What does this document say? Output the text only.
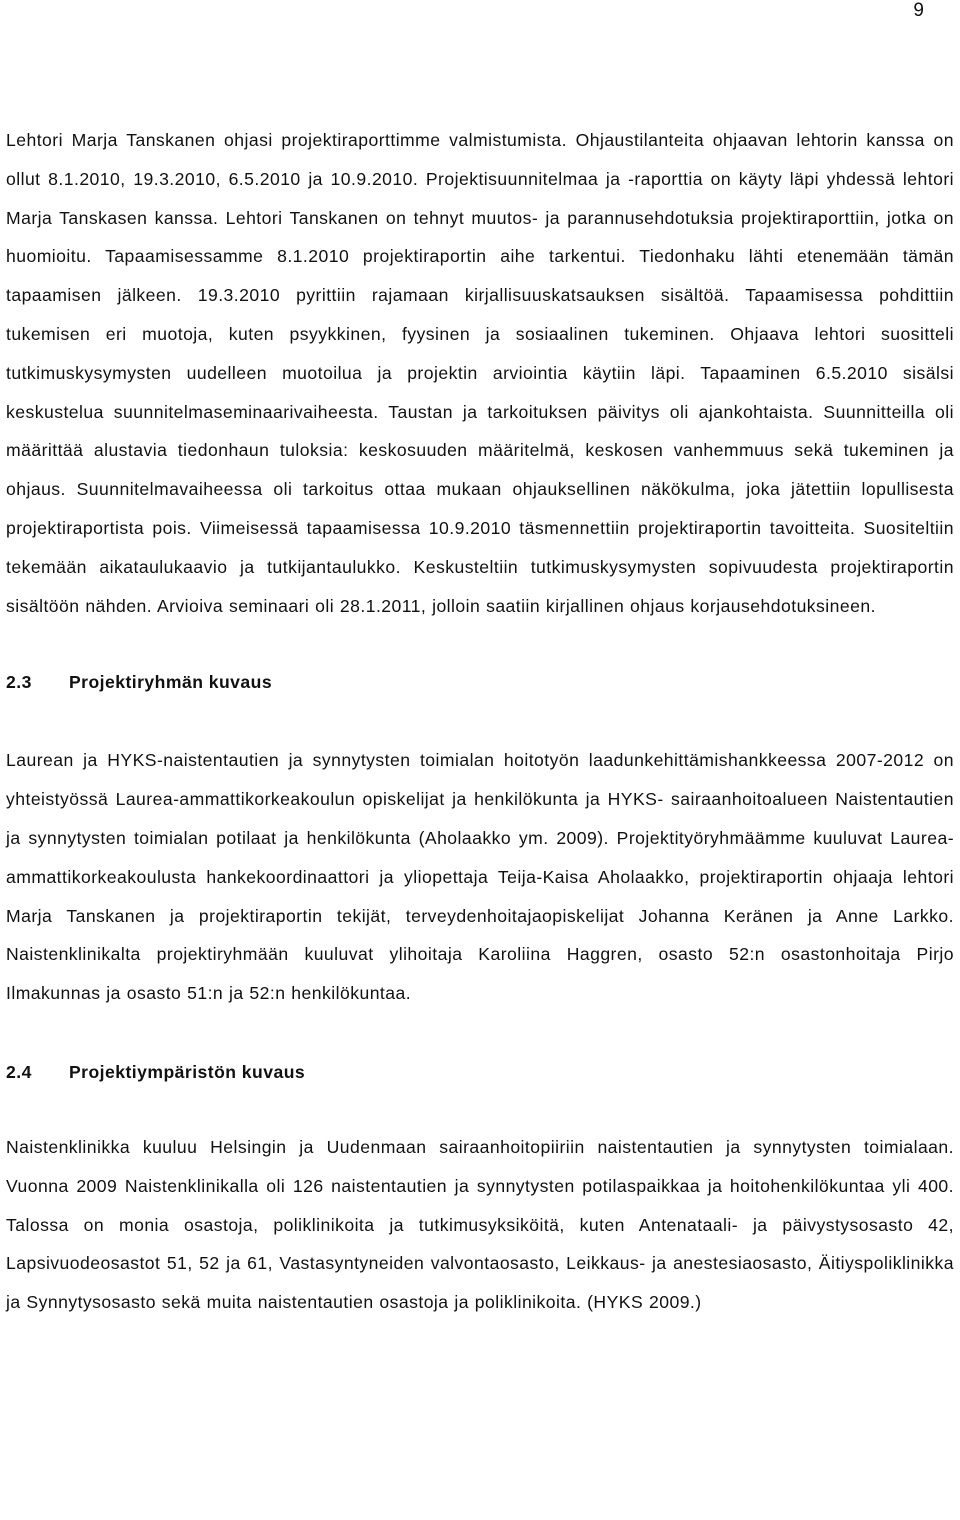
9

Lehtori Marja Tanskanen ohjasi projektiraporttimme valmistumista. Ohjaustilanteita ohjaavan lehtorin kanssa on ollut 8.1.2010, 19.3.2010, 6.5.2010 ja 10.9.2010. Projektisuunnitelmaa ja -raporttia on käyty läpi yhdessä lehtori Marja Tanskasen kanssa. Lehtori Tanskanen on tehnyt muutos- ja parannusehdotuksia projektiraporttiin, jotka on huomioitu. Tapaamisessamme 8.1.2010 projektiraportin aihe tarkentui. Tiedonhaku lähti etenemään tämän tapaamisen jälkeen. 19.3.2010 pyrittiin rajamaan kirjallisuuskatsauksen sisältöä. Tapaamisessa pohdittiin tukemisen eri muotoja, kuten psyykkinen, fyysinen ja sosiaalinen tukeminen. Ohjaava lehtori suositteli tutkimuskysymysten uudelleen muotoilua ja projektin arviointia käytiin läpi. Tapaaminen 6.5.2010 sisälsi keskustelua suunnitelmaseminaarivaiheesta. Taustan ja tarkoituksen päivitys oli ajankohtaista. Suunnitteilla oli määrittää alustavia tiedonhaun tuloksia: keskosuuden määritelmä, keskosen vanhemmuus sekä tukeminen ja ohjaus. Suunnitelmavaiheessa oli tarkoitus ottaa mukaan ohjauksellinen näkökulma, joka jätettiin lopullisesta projektiraportista pois. Viimeisessä tapaamisessa 10.9.2010 täsmennettiin projektiraportin tavoitteita. Suositeltiin tekemään aikataulukaavio ja tutkijantaulukko. Keskusteltiin tutkimuskysymysten sopivuudesta projektiraportin sisältöön nähden. Arvioiva seminaari oli 28.1.2011, jolloin saatiin kirjallinen ohjaus korjausehdotuksineen.

2.3	Projektiryhmän kuvaus

Laurean ja HYKS-naistentautien ja synnytysten toimialan hoitotyön laadunkehittämishankkeessa 2007-2012 on yhteistyössä Laurea-ammattikorkeakoulun opiskelijat ja henkilökunta ja HYKS- sairaanhoitoalueen Naistentautien ja synnytysten toimialan potilaat ja henkilökunta (Aholaakko ym. 2009). Projektityöryhmäämme kuuluvat Laurea-ammattikorkeakoulusta hankekoordinaattori ja yliopettaja Teija-Kaisa Aholaakko, projektiraportin ohjaaja lehtori Marja Tanskanen ja projektiraportin tekijät, terveydenhoitajaopiskelijat Johanna Keränen ja Anne Larkko. Naistenklinikalta projektiryhmään kuuluvat ylihoitaja Karoliina Haggren, osasto 52:n osastonhoitaja Pirjo Ilmakunnas ja osasto 51:n ja 52:n henkilökuntaa.

2.4	Projektiympäristön kuvaus

Naistenklinikka kuuluu Helsingin ja Uudenmaan sairaanhoitopiiriin naistentautien ja synnytysten toimialaan. Vuonna 2009 Naistenklinikalla oli 126 naistentautien ja synnytysten potilaspaikkaa ja hoitohenkilökuntaa yli 400. Talossa on monia osastoja, poliklinikoita ja tutkimusyksiköitä, kuten Antenataali- ja päivystysosasto 42, Lapsivuodeosastot 51, 52 ja 61, Vastasyntyneiden valvontaosasto, Leikkaus- ja anestesiaosasto, Äitiyspoliklinikka ja Synnytysosasto sekä muita naistentautien osastoja ja poliklinikoita. (HYKS 2009.)
